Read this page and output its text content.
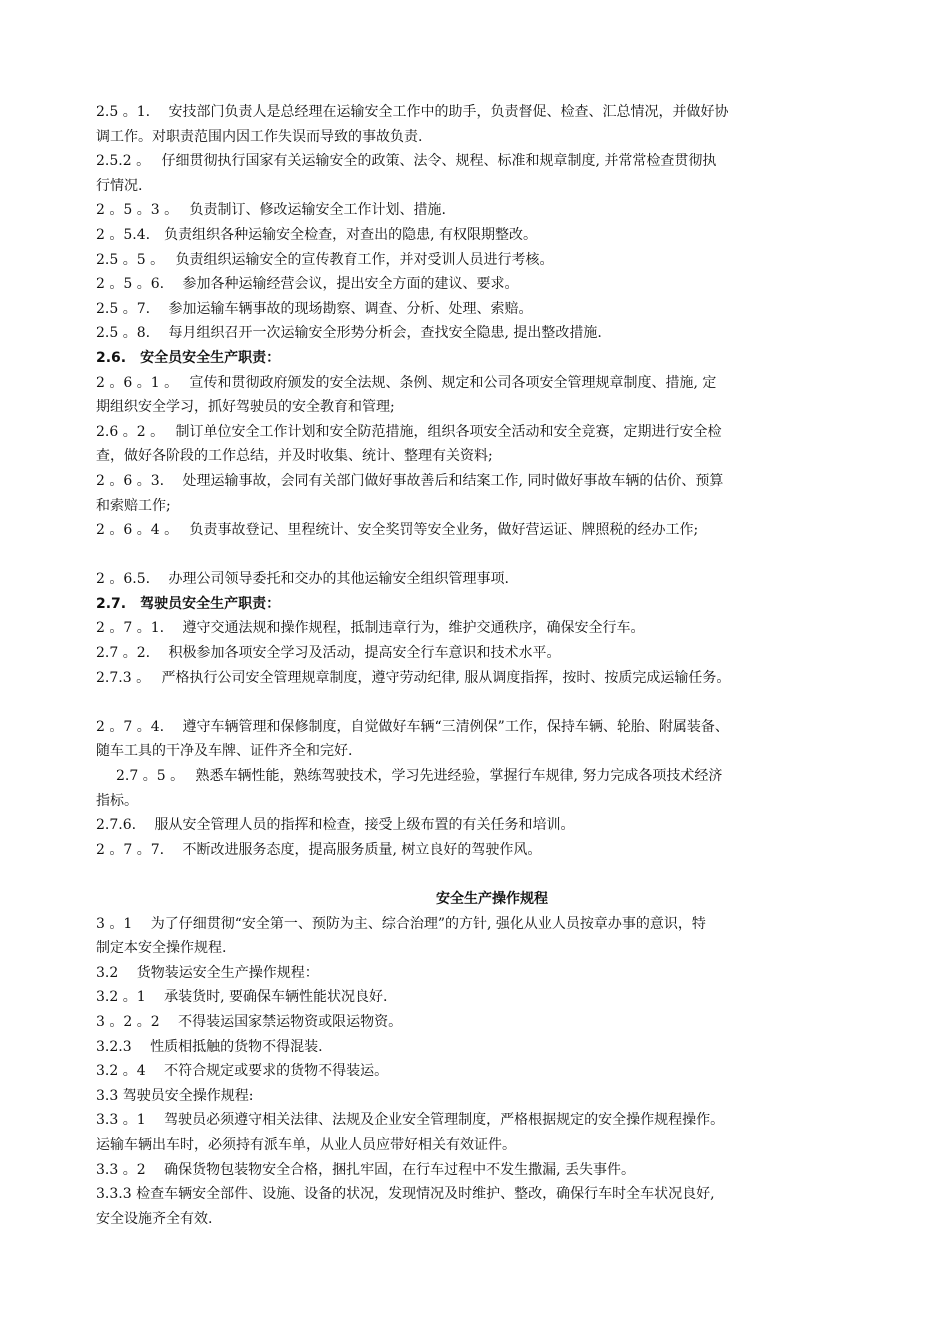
2.5 。1.　 安技部门负责人是总经理在运输安全工作中的助手，负责督促、检查、汇总情况，并做好协

调工作。对职责范围内因工作失误而导致的事故负责.

2.5.2 。　 仔细贯彻执行国家有关运输安全的政策、法令、规程、标准和规章制度, 并常常检查贯彻执

行情况.

2 。5 。3 。　 负责制订、修改运输安全工作计划、措施.

2 。5.4.　负责组织各种运输安全检查，对查出的隐患, 有权限期整改。

2.5 。5 。　 负责组织运输安全的宣传教育工作，并对受训人员进行考核。

2 。5 。6.　 参加各种运输经营会议，提出安全方面的建议、要求。

2.5 。7.　 参加运输车辆事故的现场勘察、调查、分析、处理、索赔。

2.5 。8.　 每月组织召开一次运输安全形势分析会，查找安全隐患, 提出整改措施.

2.6.　安全员安全生产职责：

2 。6 。1 。　 宣传和贯彻政府颁发的安全法规、条例、规定和公司各项安全管理规章制度、措施, 定

期组织安全学习，抓好驾驶员的安全教育和管理;

2.6 。2 。　 制订单位安全工作计划和安全防范措施，组织各项安全活动和安全竞赛，定期进行安全检

查，做好各阶段的工作总结，并及时收集、统计、整理有关资料;

2 。6 。3.　 处理运输事故，会同有关部门做好事故善后和结案工作, 同时做好事故车辆的估价、预算

和索赔工作;

2 。6 。4 。　 负责事故登记、里程统计、安全奖罚等安全业务，做好营运证、牌照税的经办工作;

2 。6.5.　 办理公司领导委托和交办的其他运输安全组织管理事项.

2.7.　驾驶员安全生产职责：

2 。7 。1.　 遵守交通法规和操作规程，抵制违章行为，维护交通秩序，确保安全行车。

2.7 。2.　 积极参加各项安全学习及活动，提高安全行车意识和技术水平。

2.7.3 。　 严格执行公司安全管理规章制度，遵守劳动纪律, 服从调度指挥，按时、按质完成运输任务。

2 。7 。4.　 遵守车辆管理和保修制度，自觉做好车辆“三清例保”工作，保持车辆、轮胎、附属装备、

随车工具的干净及车牌、证件齐全和完好.

2.7 。5 。　 熟悉车辆性能，熟练驾驶技术，学习先进经验，掌握行车规律, 努力完成各项技术经济

指标。

2.7.6.　 服从安全管理人员的指挥和检查，接受上级布置的有关任务和培训。

2 。7 。7.　 不断改进服务态度，提高服务质量, 树立良好的驾驶作风。

安全生产操作规程

3 。1　 为了仔细贯彻“安全第一、预防为主、综合治理”的方针, 强化从业人员按章办事的意识，特

制定本安全操作规程.

3.2　 货物装运安全生产操作规程：

3.2 。1　 承装货时, 要确保车辆性能状况良好.

3 。2 。2　 不得装运国家禁运物资或限运物资。

3.2.3　 性质相抵触的货物不得混装.

3.2 。4　 不符合规定或要求的货物不得装运。

3.3 驾驶员安全操作规程:

3.3 。1　 驾驶员必须遵守相关法律、法规及企业安全管理制度，严格根据规定的安全操作规程操作。

运输车辆出车时，必须持有派车单，从业人员应带好相关有效证件。

3.3 。2　 确保货物包装物安全合格，捆扎牢固，在行车过程中不发生撒漏, 丢失事件。

3.3.3 检查车辆安全部件、设施、设备的状况，发现情况及时维护、整改，确保行车时全车状况良好,

安全设施齐全有效.
